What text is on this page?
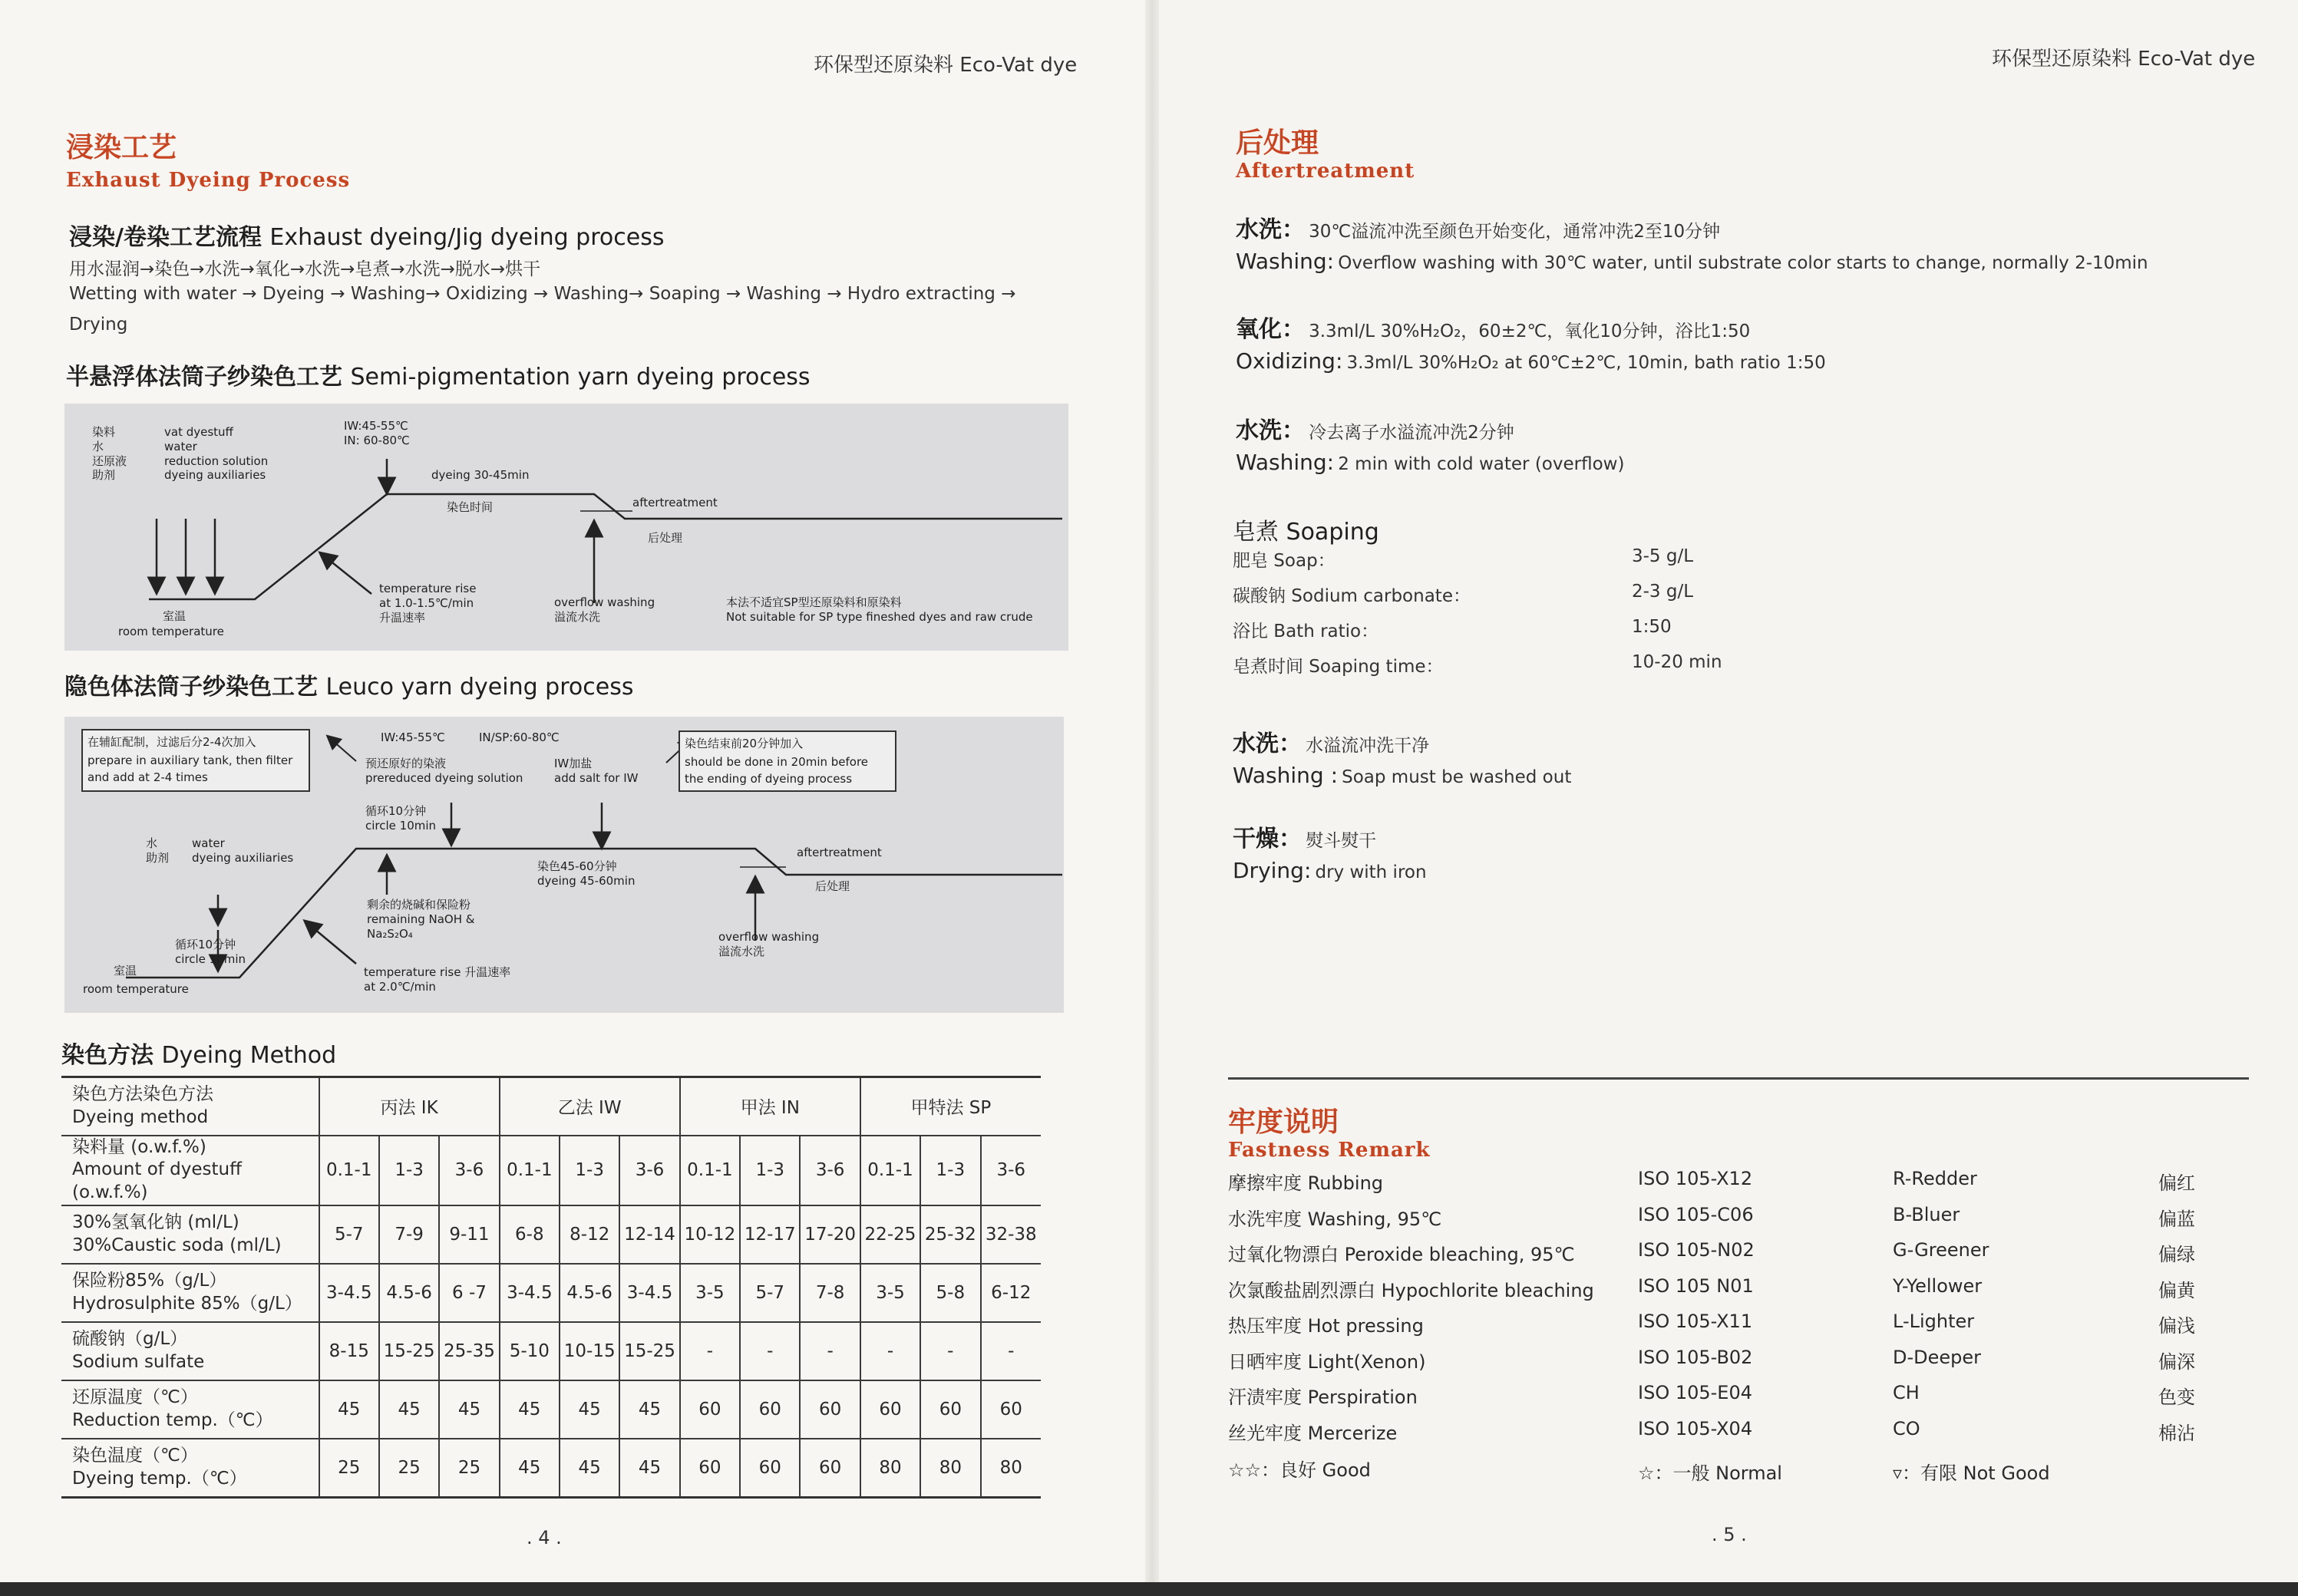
环保型还原染料 Eco-Vat dye
浸染工艺
Exhaust Dyeing Process
浸染/卷染工艺流程 Exhaust dyeing/Jig dyeing process
用水湿润→染色→水洗→氧化→水洗→皂煮→水洗→脱水→烘干
Wetting with water → Dyeing → Washing→ Oxidizing → Washing→ Soaping → Washing → Hydro extracting →
Drying
半悬浮体法筒子纱染色工艺 Semi-pigmentation yarn dyeing process
染料
水
还原液
助剂
vat dyestuff
water
reduction solution
dyeing auxiliaries
IW:45-55℃
IN: 60-80℃
dyeing 30-45min
染色时间	aftertreatment
后处理
室温
room temperature
temperature rise
at 1.0-1.5℃/min
升温速率
overflow washing
溢流水洗
本法不适宜SP型还原染料和原染料
Not suitable for SP type fineshed dyes and raw crude
隐色体法筒子纱染色工艺 Leuco yarn dyeing process
在辅缸配制，过滤后分2-4次加入
prepare in auxiliary tank, then filter
and add at 2-4 times
IW:45-55℃	IN/SP:60-80℃
预还原好的染液
prereduced dyeing solution
IW加盐
add salt for IW
染色结束前20分钟加入
should be done in 20min before
the ending of dyeing process
循环10分钟
circle 10min
水
助剂
water
dyeing auxiliaries
染色45-60分钟
dyeing 45-60min
aftertreatment
后处理
剩余的烧碱和保险粉
remaining NaOH &
Na₂S₂O₄
循环10分钟
circle 10min
overflow washing
溢流水洗
室温
room temperature
temperature rise 升温速率
at 2.0℃/min
染色方法 Dyeing Method
染色方法染色方法
Dyeing method	丙法 IK			乙法 IW			甲法 IN			甲特法 SP		

染料量 (o.w.f.%)
Amount of dyestuff (o.w.f.%)	0.1-1	1-3	3-6	0.1-1	1-3	3-6	0.1-1	1-3	3-6	0.1-1	1-3	3-6

30%氢氧化钠 (ml/L)
30%Caustic soda (ml/L)	5-7	7-9	9-11	6-8	8-12	12-14	10-12	12-17	17-20	22-25	25-32	32-38

保险粉85%（g/L）
Hydrosulphite 85%（g/L）	3-4.5	4.5-6	6 -7	3-4.5	4.5-6	3-4.5	3-5	5-7	7-8	3-5	5-8	6-12

硫酸钠（g/L）
Sodium sulfate	8-15	15-25	25-35	5-10	10-15	15-25	-	-	-	-	-	-

还原温度（℃）
Reduction temp.（℃）	45	45	45	45	45	45	60	60	60	60	60	60

染色温度（℃）
Dyeing temp.（℃）	25	25	25	45	45	45	60	60	60	80	80	80
. 4 .
环保型还原染料 Eco-Vat dye
后处理
Aftertreatment
水洗： 30℃溢流冲洗至颜色开始变化，通常冲洗2至10分钟
Washing: Overflow washing with 30℃ water, until substrate color starts to change, normally 2-10min
氧化： 3.3ml/L 30%H₂O₂，60±2℃，氧化10分钟，浴比1:50
Oxidizing: 3.3ml/L 30%H₂O₂ at 60℃±2℃, 10min, bath ratio 1:50
水洗： 冷去离子水溢流冲洗2分钟
Washing: 2 min with cold water (overflow)
皂煮 Soaping
肥皂 Soap：	3-5 g/L
碳酸钠 Sodium carbonate：	2-3 g/L
浴比 Bath ratio：	1:50
皂煮时间 Soaping time：	10-20 min
水洗： 水溢流冲洗干净
Washing : Soap must be washed out
干燥： 熨斗熨干
Drying: dry with iron
牢度说明
Fastness Remark
摩擦牢度 Rubbing	ISO 105-X12	R-Redder	偏红
水洗牢度 Washing, 95℃	ISO 105-C06	B-Bluer	偏蓝
过氧化物漂白 Peroxide bleaching, 95℃	ISO 105-N02	G-Greener	偏绿
次氯酸盐剧烈漂白 Hypochlorite bleaching ISO 105 N01	Y-Yellower	偏黄
热压牢度 Hot pressing	ISO 105-X11	L-Lighter	偏浅
日晒牢度 Light(Xenon)	ISO 105-B02	D-Deeper	偏深
汗渍牢度 Perspiration	ISO 105-E04	CH	色变
丝光牢度 Mercerize	ISO 105-X04	CO	棉沾
☆☆：良好 Good	☆：一般 Normal	▿：有限 Not Good
. 5 .
